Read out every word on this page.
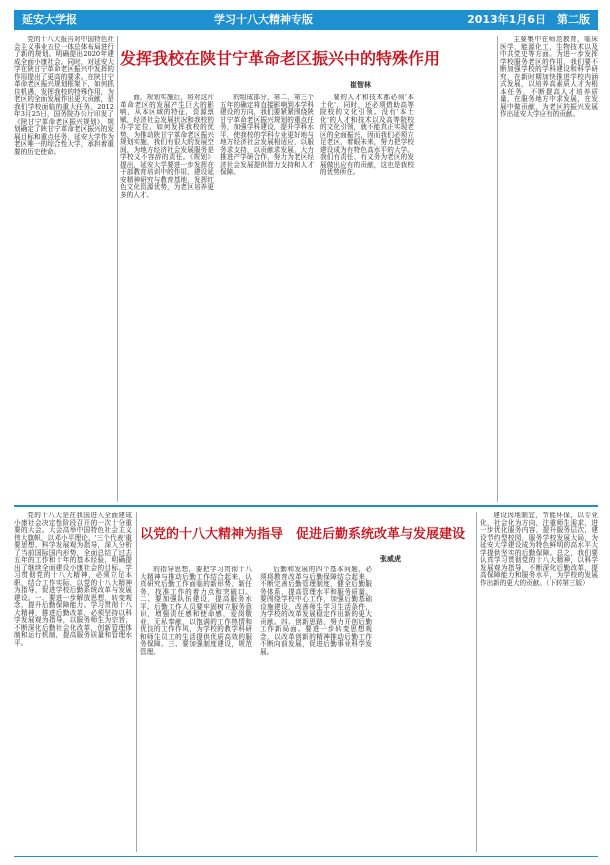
延安大学报	学习十八大精神专版	2013年1月6日　第二版

党的十八大报告对中国特色社会主义事业五位一体总体布局进行了新的规划。明确提出2020年建成全面小康社会。同时，对延安大学在陕甘宁革命老区振兴中发挥的作用提出了更高的要求。在陕甘宁革命老区振兴规划框架下，如何抓住机遇，发挥我校的特殊作用，为老区的全面发展作出更大贡献，是我们学校面临的重大任务。2012年3月25日，国务院办公厅印发了《陕甘宁革命老区振兴规划》，规划确定了陕甘宁革命老区振兴的发展目标和重点任务，延安大学作为老区唯一的综合性大学，承担着重要的历史使命。

发挥我校在陕甘宁革命老区振兴中的特殊作用
崔智林

面，规划实施后，将对这片革命老区的发展产生巨大的影响，从本区域的特征，资源禀赋，经济社会发展状况和我校的办学定位，如何发挥我校的优势，为推动陕甘宁革命老区振兴规划实施，我们有很大的发展空间，为地方经济社会发展服务是学校义不容辞的责任。《规划》提出，延安大学要进一步发挥在干部教育培训中的作用，建设延安精神研究与教育基地，发挥红色文化资源优势，为老区培养更多的人才。

的组成部分，第二，第三个五年的确定将直接影响到本学科建设的方向，我们要紧紧围绕陕甘宁革命老区振兴规划的重点任务，加强学科建设，提升学科水平，使我校的学科专业更好地与地方经济社会发展相适应，以服务求支持，以贡献求发展，大力推进产学研合作，努力为老区经济社会发展提供智力支持和人才保障。

要的人才和技术都必须'本土化'，同时，还必须借助高等院校的文化引领。没有'本土化'的人才和技术以及高等院校的文化引领，就不能真正实现老区的全面振兴，因而我们必须立足老区，着眼未来，努力把学校建设成为有特色高水平的大学。我们有责任、有义务为老区的发展做出应有的贡献，这也是我校的优势所在。

主要集中在师范教育，临床医学，能源化工，生物技术以及中共党史等方面。为进一步发挥学校服务老区的作用，我们要不断加强学校的学科建设和科学研究，在新时期加快推进学校内涵式发展，以培养高素质人才为根本任务，不断提高人才培养质量，在服务地方中求发展，在发展中做贡献，为老区的振兴发展作出延安大学应有的贡献。

党的十八大是在我国进入全面建成小康社会决定性阶段召开的一次十分重要的大会。大会高举中国特色社会主义伟大旗帜，以邓小平理论、'三个代表'重要思想、科学发展观为指导，深入分析了当前国际国内形势，全面总结了过去五年的工作和十年的基本经验，明确提出了继续全面建设小康社会的目标。学习贯彻党的十八大精神，必须立足本职，结合工作实际，以党的十八大精神为指导，促进学校后勤系统改革与发展建设。一、要进一步解放思想，转变观念，提升后勤保障能力。学习贯彻十八大精神，推进后勤改革，必须坚持以科学发展观为指导，以服务师生为宗旨，不断深化后勤社会化改革，创新管理体制和运行机制，提高服务质量和管理水平。

以党的十八大精神为指导　促进后勤系统改革与发展建设
张威虎

的指导思想，要把学习贯彻十八大精神与推动后勤工作结合起来，认真研究后勤工作面临的新形势、新任务，找准工作的着力点和突破口。二、要加强队伍建设，提高服务水平。后勤工作人员要牢固树立服务意识，增强责任感和使命感，爱岗敬业，无私奉献，以饱满的工作热情和优良的工作作风，为学校的教学科研和师生员工的生活提供优质高效的服务保障。三、要加强制度建设，规范管理。

后勤和发展的四个基本问题，必须将教育改革与后勤保障结合起来，不断完善后勤管理制度，健全后勤服务体系，提高管理水平和服务质量。要围绕学校中心工作，加强后勤基础设施建设，改善师生学习生活条件，为学校的改革发展稳定作出新的更大贡献。四、创新思路，努力开创后勤工作新局面。要进一步转变思想观念，以改革创新的精神推动后勤工作不断向前发展，促进后勤事业科学发展。

建设因地制宜，节能环保，以专业化，社会化为方向，注重师生需求，进一步优化服务内容，提升服务层次，建设节约型校园，服务学校发展大局，为延安大学建设成为特色鲜明的高水平大学提供坚实的后勤保障。总之，我们要认真学习贯彻党的十八大精神，以科学发展观为指导，不断深化后勤改革，提高保障能力和服务水平，为学校的发展作出新的更大的贡献。（下转第三版）
